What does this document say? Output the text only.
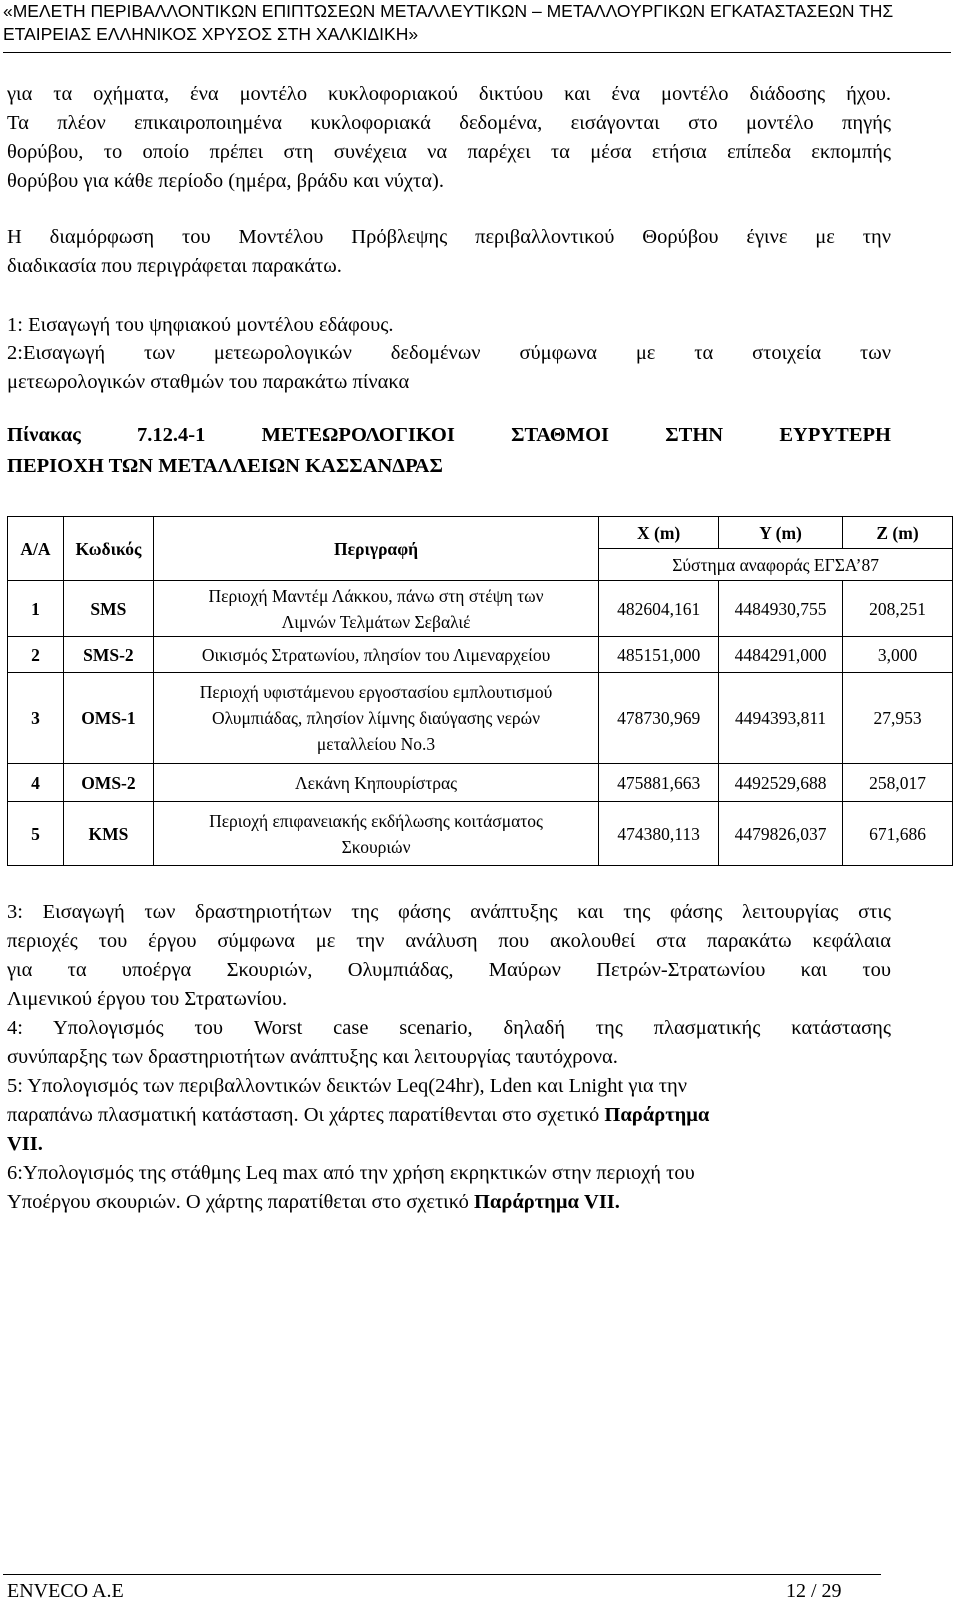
«ΜΕΛΕΤΗ ΠΕΡΙΒΑΛΛΟΝΤΙΚΩΝ ΕΠΙΠΤΩΣΕΩΝ ΜΕΤΑΛΛΕΥΤΙΚΩΝ – ΜΕΤΑΛΛΟΥΡΓΙΚΩΝ ΕΓΚΑΤΑΣΤΑΣΕΩΝ ΤΗΣ
ΕΤΑΙΡΕΙΑΣ ΕΛΛΗΝΙΚΟΣ ΧΡΥΣΟΣ ΣΤΗ ΧΑΛΚΙΔΙΚΗ»
για τα οχήματα, ένα μοντέλο κυκλοφοριακού δικτύου και ένα μοντέλο διάδοσης ήχου.
Τα πλέον επικαιροποιημένα κυκλοφοριακά δεδομένα, εισάγονται στο μοντέλο πηγής
θορύβου, το οποίο πρέπει στη συνέχεια να παρέχει τα μέσα ετήσια επίπεδα εκπομπής
θορύβου για κάθε περίοδο (ημέρα, βράδυ και νύχτα).
Η διαμόρφωση του Μοντέλου Πρόβλεψης περιβαλλοντικού Θορύβου έγινε με την
διαδικασία που περιγράφεται παρακάτω.
1: Εισαγωγή του ψηφιακού μοντέλου εδάφους.
2:Εισαγωγή των μετεωρολογικών δεδομένων σύμφωνα με τα στοιχεία των
μετεωρολογικών σταθμών του παρακάτω πίνακα
Πίνακας 7.12.4-1 ΜΕΤΕΩΡΟΛΟΓΙΚΟΙ ΣΤΑΘΜΟΙ ΣΤΗΝ ΕΥΡΥΤΕΡΗ
ΠΕΡΙΟΧΗ ΤΩΝ ΜΕΤΑΛΛΕΙΩΝ ΚΑΣΣΑΝΔΡΑΣ
Α/Α	Κωδικός	Περιγραφή	X (m)	Y (m)	Z (m)
			Σύστημα αναφοράς ΕΓΣΑ’87		
1	SMS	Περιοχή Μαντέμ Λάκκου, πάνω στη στέψη των
Λιμνών Τελμάτων Σεβαλιέ	482604,161	4484930,755	208,251
2	SMS-2	Οικισμός Στρατωνίου, πλησίον του Λιμεναρχείου	485151,000	4484291,000	3,000
3	OMS-1	Περιοχή υφιστάμενου εργοστασίου εμπλουτισμού
Ολυμπιάδας, πλησίον λίμνης διαύγασης νερών
μεταλλείου Νο.3	478730,969	4494393,811	27,953
4	OMS-2	Λεκάνη Κηπουρίστρας	475881,663	4492529,688	258,017
5	KMS	Περιοχή επιφανειακής εκδήλωσης κοιτάσματος
Σκουριών	474380,113	4479826,037	671,686
3: Εισαγωγή των δραστηριοτήτων της φάσης ανάπτυξης και της φάσης λειτουργίας στις
περιοχές του έργου σύμφωνα με την ανάλυση που ακολουθεί στα παρακάτω κεφάλαια
για τα υποέργα Σκουριών, Ολυμπιάδας, Μαύρων Πετρών-Στρατωνίου και του
Λιμενικού έργου του Στρατωνίου.
4: Υπολογισμός του Worst case scenario, δηλαδή της πλασματικής κατάστασης
συνύπαρξης των δραστηριοτήτων ανάπτυξης και λειτουργίας ταυτόχρονα.
5: Υπολογισμός των περιβαλλοντικών δεικτών Leq(24hr), Lden και Lnight για την
παραπάνω πλασματική κατάσταση. Οι χάρτες παρατίθενται στο σχετικό Παράρτημα
VII.
6:Υπολογισμός της στάθμης Leq max από την χρήση εκρηκτικών στην περιοχή του
Υποέργου σκουριών. Ο χάρτης παρατίθεται στο σχετικό Παράρτημα VII.
ENVECO A.E	12 / 29
